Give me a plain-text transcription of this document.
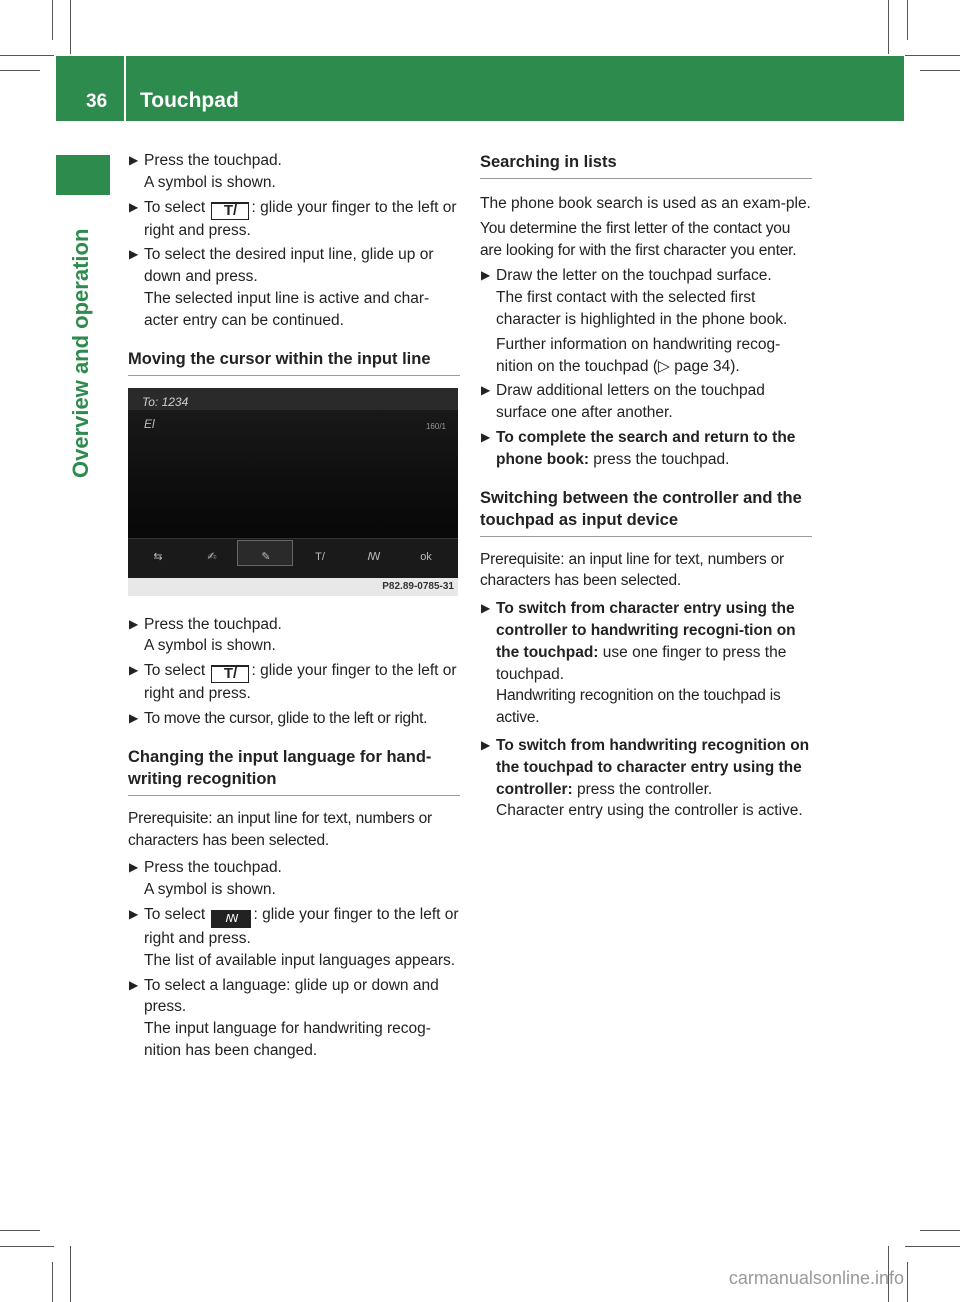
36 Touchpad
Overview and operation
▶ Press the touchpad.
A symbol is shown.
▶ To select T/ : glide your finger to the left or right and press.
▶ To select the desired input line, glide up or down and press.
The selected input line is active and char-acter entry can be continued.
Moving the cursor within the input line
To: 1234
El	160/1
⇆	✍	✎	T/	ꟿ	ok
P82.89-0785-31
▶ Press the touchpad.
A symbol is shown.
▶ To select T/ : glide your finger to the left or right and press.
▶ To move the cursor, glide to the left or right.
Changing the input language for hand-writing recognition
Prerequisite: an input line for text, numbers or characters has been selected.
▶ Press the touchpad.
A symbol is shown.
▶ To select ꟿ : glide your finger to the left or right and press.
The list of available input languages appears.
▶ To select a language: glide up or down and press.
The input language for handwriting recog-nition has been changed.
Searching in lists
The phone book search is used as an exam-ple.
You determine the first letter of the contact you are looking for with the first character you enter.
▶ Draw the letter on the touchpad surface.
The first contact with the selected first character is highlighted in the phone book.
Further information on handwriting recog-nition on the touchpad (▷ page 34).
▶ Draw additional letters on the touchpad surface one after another.
▶ To complete the search and return to the phone book: press the touchpad.
Switching between the controller and the touchpad as input device
Prerequisite: an input line for text, numbers or characters has been selected.
▶ To switch from character entry using the controller to handwriting recogni-tion on the touchpad: use one finger to press the touchpad.
Handwriting recognition on the touchpad is active.
▶ To switch from handwriting recognition on the touchpad to character entry using the controller: press the controller.
Character entry using the controller is active.
carmanualsonline.info
